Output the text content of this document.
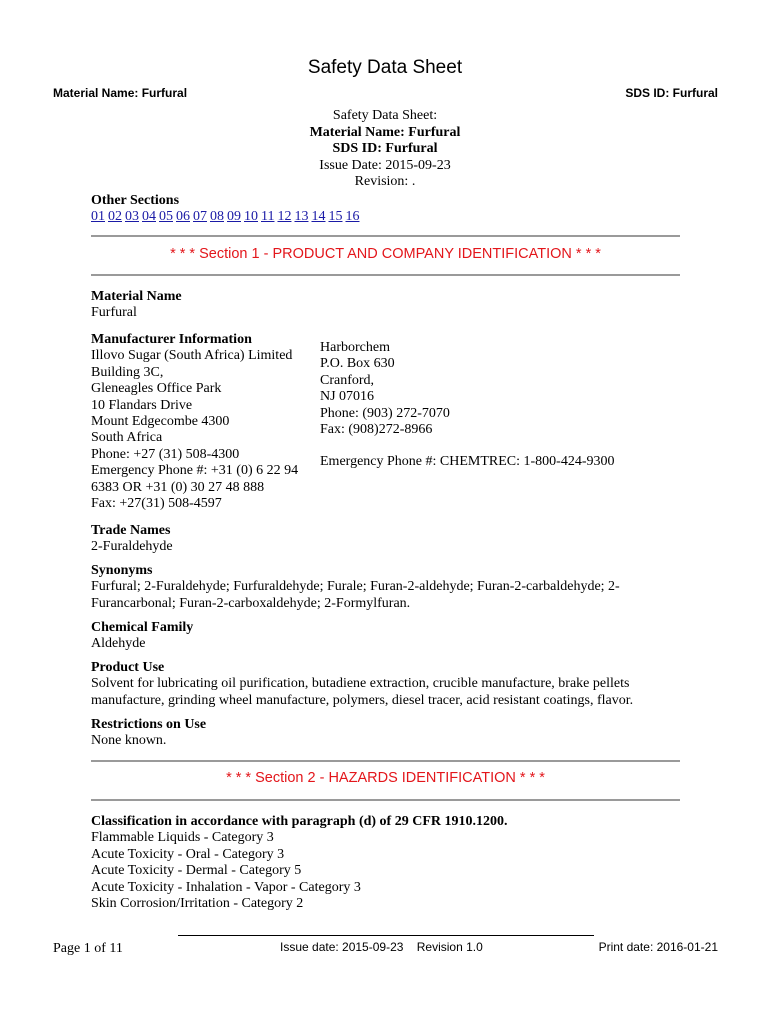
Safety Data Sheet
Material Name: Furfural	SDS ID: Furfural
Safety Data Sheet:
Material Name: Furfural
SDS ID: Furfural
Issue Date: 2015-09-23
Revision: .
Other Sections
01 02 03 04 05 06 07 08 09 10 11 12 13 14 15 16
* * * Section 1 - PRODUCT AND COMPANY IDENTIFICATION * * *
Material Name
Furfural
Manufacturer Information
Illovo Sugar (South Africa) Limited
Building 3C,
Gleneagles Office Park
10 Flandars Drive
Mount Edgecombe 4300
South Africa
Phone: +27 (31) 508-4300
Emergency Phone #: +31 (0) 6 22 94
6383 OR +31 (0) 30 27 48 888
Fax: +27(31) 508-4597
Harborchem
P.O. Box 630
Cranford,
NJ 07016
Phone: (903) 272-7070
Fax: (908)272-8966
Emergency Phone #: CHEMTREC: 1-800-424-9300
Trade Names
2-Furaldehyde
Synonyms
Furfural; 2-Furaldehyde; Furfuraldehyde; Furale; Furan-2-aldehyde; Furan-2-carbaldehyde; 2-
Furancarbonal; Furan-2-carboxaldehyde; 2-Formylfuran.
Chemical Family
Aldehyde
Product Use
Solvent for lubricating oil purification, butadiene extraction, crucible manufacture, brake pellets
manufacture, grinding wheel manufacture, polymers, diesel tracer, acid resistant coatings, flavor.
Restrictions on Use
None known.
* * * Section 2 - HAZARDS IDENTIFICATION * * *
Classification in accordance with paragraph (d) of 29 CFR 1910.1200.
Flammable Liquids - Category 3
Acute Toxicity - Oral - Category 3
Acute Toxicity - Dermal - Category 5
Acute Toxicity - Inhalation - Vapor - Category 3
Skin Corrosion/Irritation - Category 2
Page 1 of 11	Issue date: 2015-09-23    Revision 1.0	Print date: 2016-01-21
